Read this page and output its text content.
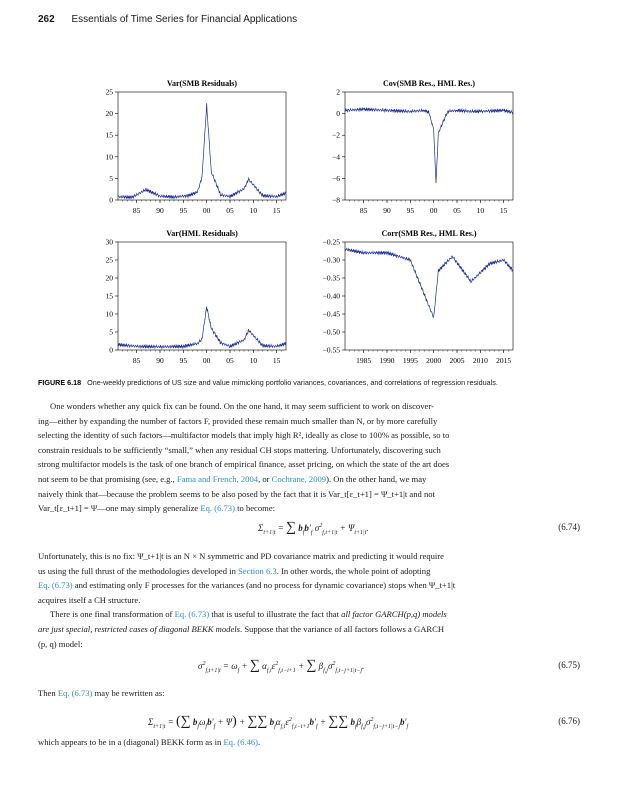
262 Essentials of Time Series for Financial Applications
Var(SMB Residuals)
25
20
15
10
5
0
85 90 95 00 05 10 15
Cov(SMB Res., HML Res.)
2
0
−2
−4
−6
−8
85 90 95 00 05 10 15
Var(HML Residuals)
30
25
20
15
10
5
0
85 90 95 00 05 10 15
Corr(SMB Res., HML Res.)
−0.25
−0.30
−0.35
−0.40
−0.45
−0.50
−0.55
1985 1990 1995 2000 2005 2010 2015
FIGURE 6.18 One-weekly predictions of US size and value mimicking portfolio variances, covariances, and correlations of regression residuals.

One wonders whether any quick fix can be found. On the one hand, it may seem sufficient to work on discover-

ing—either by expanding the number of factors F, provided these remain much smaller than N, or by more carefully
selecting the identity of such factors—multifactor models that imply high R², ideally as close to 100% as possible, so to
constrain residuals to be sufficiently “small,” when any residual CH stops mattering. Unfortunately, discovering such
strong multifactor models is the task of one branch of empirical finance, asset pricing, on which the state of the art does
not seem to be that promising (see, e.g., Fama and French, 2004, or Cochrane, 2009). On the other hand, we may
naively think that—because the problem seems to be also posed by the fact that it is Var_t[ε_t+1] = Ψ_t+1|t and not
Var_t[ε_t+1] = Ψ—one may simply generalize Eq. (6.73) to become:
$\Sigma_{t+1|t}$ = ∑ $b_fb'_f$ $\sigma^2_{f,t+1|t} + \Psi_{t+1|t}$.	(6.74)
Unfortunately, this is no fix: Ψ_t+1|t is an N × N symmetric and PD covariance matrix and predicting it would require
us using the full thrust of the methodologies developed in Section 6.3. In other words, the whole point of adopting
Eq. (6.73) and estimating only F processes for the variances (and no process for dynamic covariance) stops when Ψ_t+1|t
acquires itself a CH structure.

There is one final transformation of Eq. (6.73) that is useful to illustrate the fact that all factor GARCH(p,q) models

are just special, restricted cases of diagonal BEKK models. Suppose that the variance of all factors follows a GARCH
(p, q) model:
$\sigma^2_{f,t+1|t} = \omega_f$ + ∑ $\alpha_{f,i}\varepsilon^2_{f,t-i+1}$ + ∑ $\beta_{f,j}\sigma^2_{f,t-j+1|t-j}$.	(6.75)
Then Eq. (6.73) may be rewritten as:
$\Sigma_{t+1|t}$ = (∑ $b_f\omega_fb'_f + \Psi$) + ∑∑ $b_f\alpha_{f,i}\varepsilon^2_{f,t-i+1}b'_f$ + ∑∑ $b_f\beta_{f,j}\sigma^2_{f,t-j+1|t-j}b'_f$
(6.76)
which appears to be in a (diagonal) BEKK form as in Eq. (6.46).
